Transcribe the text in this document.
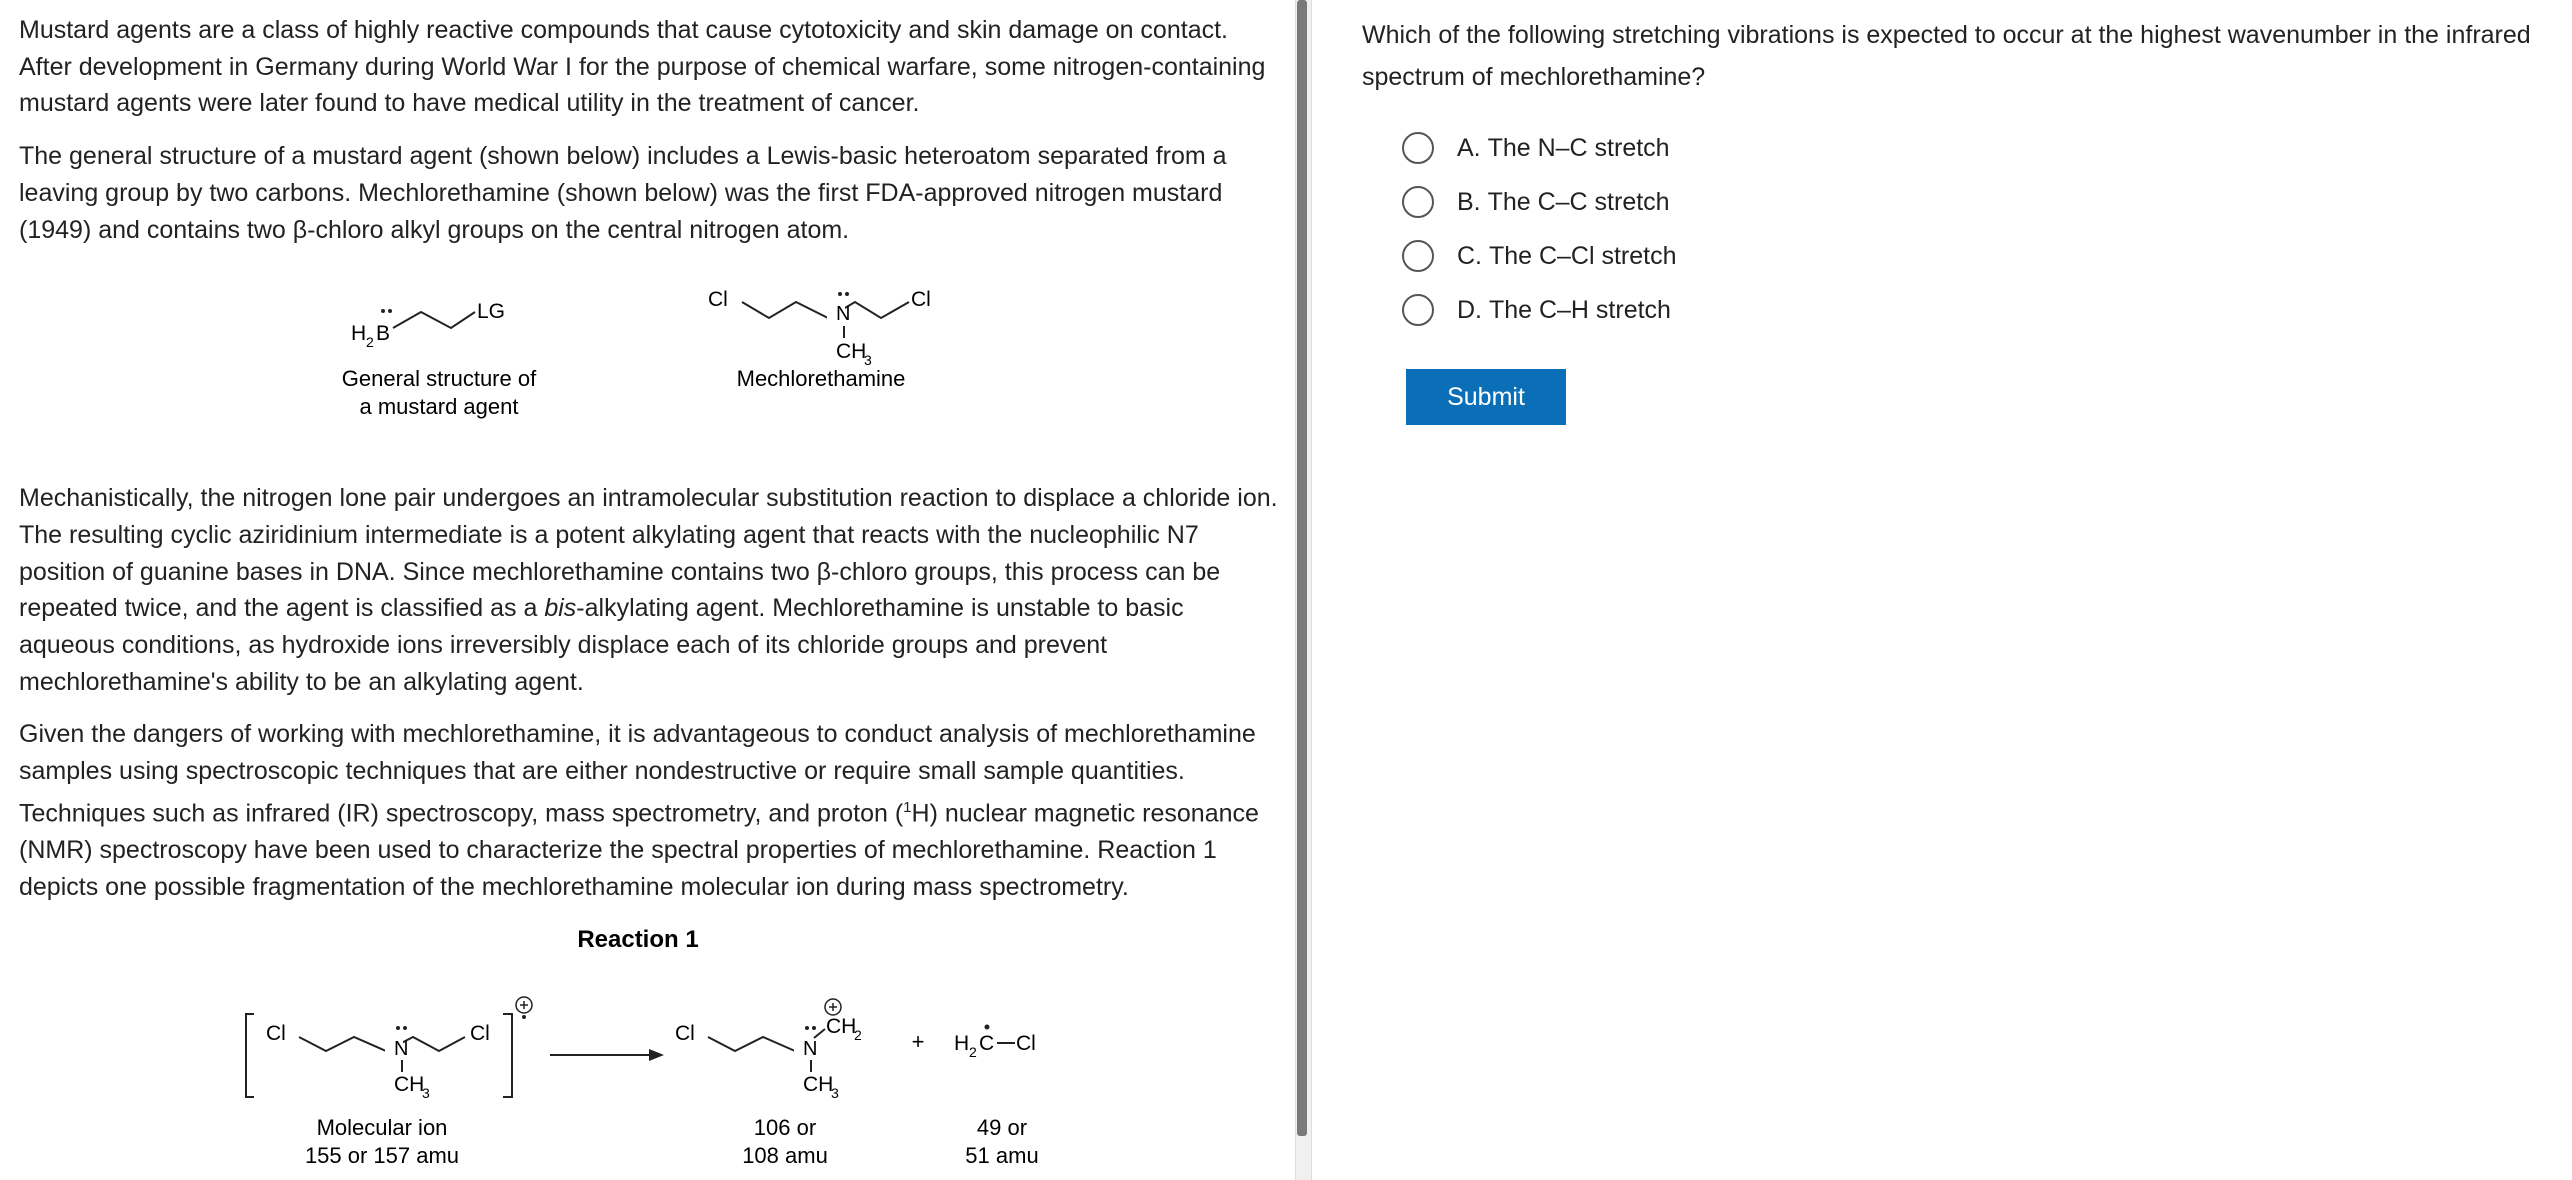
Mustard agents are a class of highly reactive compounds that cause cytotoxicity and skin damage on contact. After development in Germany during World War I for the purpose of chemical warfare, some nitrogen-containing mustard agents were later found to have medical utility in the treatment of cancer.

The general structure of a mustard agent (shown below) includes a Lewis-basic heteroatom separated from a leaving group by two carbons. Mechlorethamine (shown below) was the first FDA-approved nitrogen mustard (1949) and contains two β-chloro alkyl groups on the central nitrogen atom.

H 2 B
LG
General structure of
a mustard agent
Cl
N
CH
3
Cl
Mechlorethamine

Mechanistically, the nitrogen lone pair undergoes an intramolecular substitution reaction to displace a chloride ion. The resulting cyclic aziridinium intermediate is a potent alkylating agent that reacts with the nucleophilic N7 position of guanine bases in DNA. Since mechlorethamine contains two β-chloro groups, this process can be repeated twice, and the agent is classified as a bis-alkylating agent. Mechlorethamine is unstable to basic aqueous conditions, as hydroxide ions irreversibly displace each of its chloride groups and prevent mechlorethamine's ability to be an alkylating agent.

Given the dangers of working with mechlorethamine, it is advantageous to conduct analysis of mechlorethamine samples using spectroscopic techniques that are either nondestructive or require small sample quantities. Techniques such as infrared (IR) spectroscopy, mass spectrometry, and proton ($^1$H) nuclear magnetic resonance (NMR) spectroscopy have been used to characterize the spectral properties of mechlorethamine. Reaction 1 depicts one possible fragmentation of the mechlorethamine molecular ion during mass spectrometry.

Reaction 1
Cl
N
CH
3
Cl
Molecular ion
155 or 157 amu
Cl
N
CH
2
CH
3
106 or
108 amu
+ H 2 C Cl
49 or
51 amu
Which of the following stretching vibrations is expected to occur at the highest wavenumber in the infrared spectrum of mechlorethamine?
A.
The N–C stretch
B.
The C–C stretch
C.
The C–Cl stretch
D.
The C–H stretch
Submit
